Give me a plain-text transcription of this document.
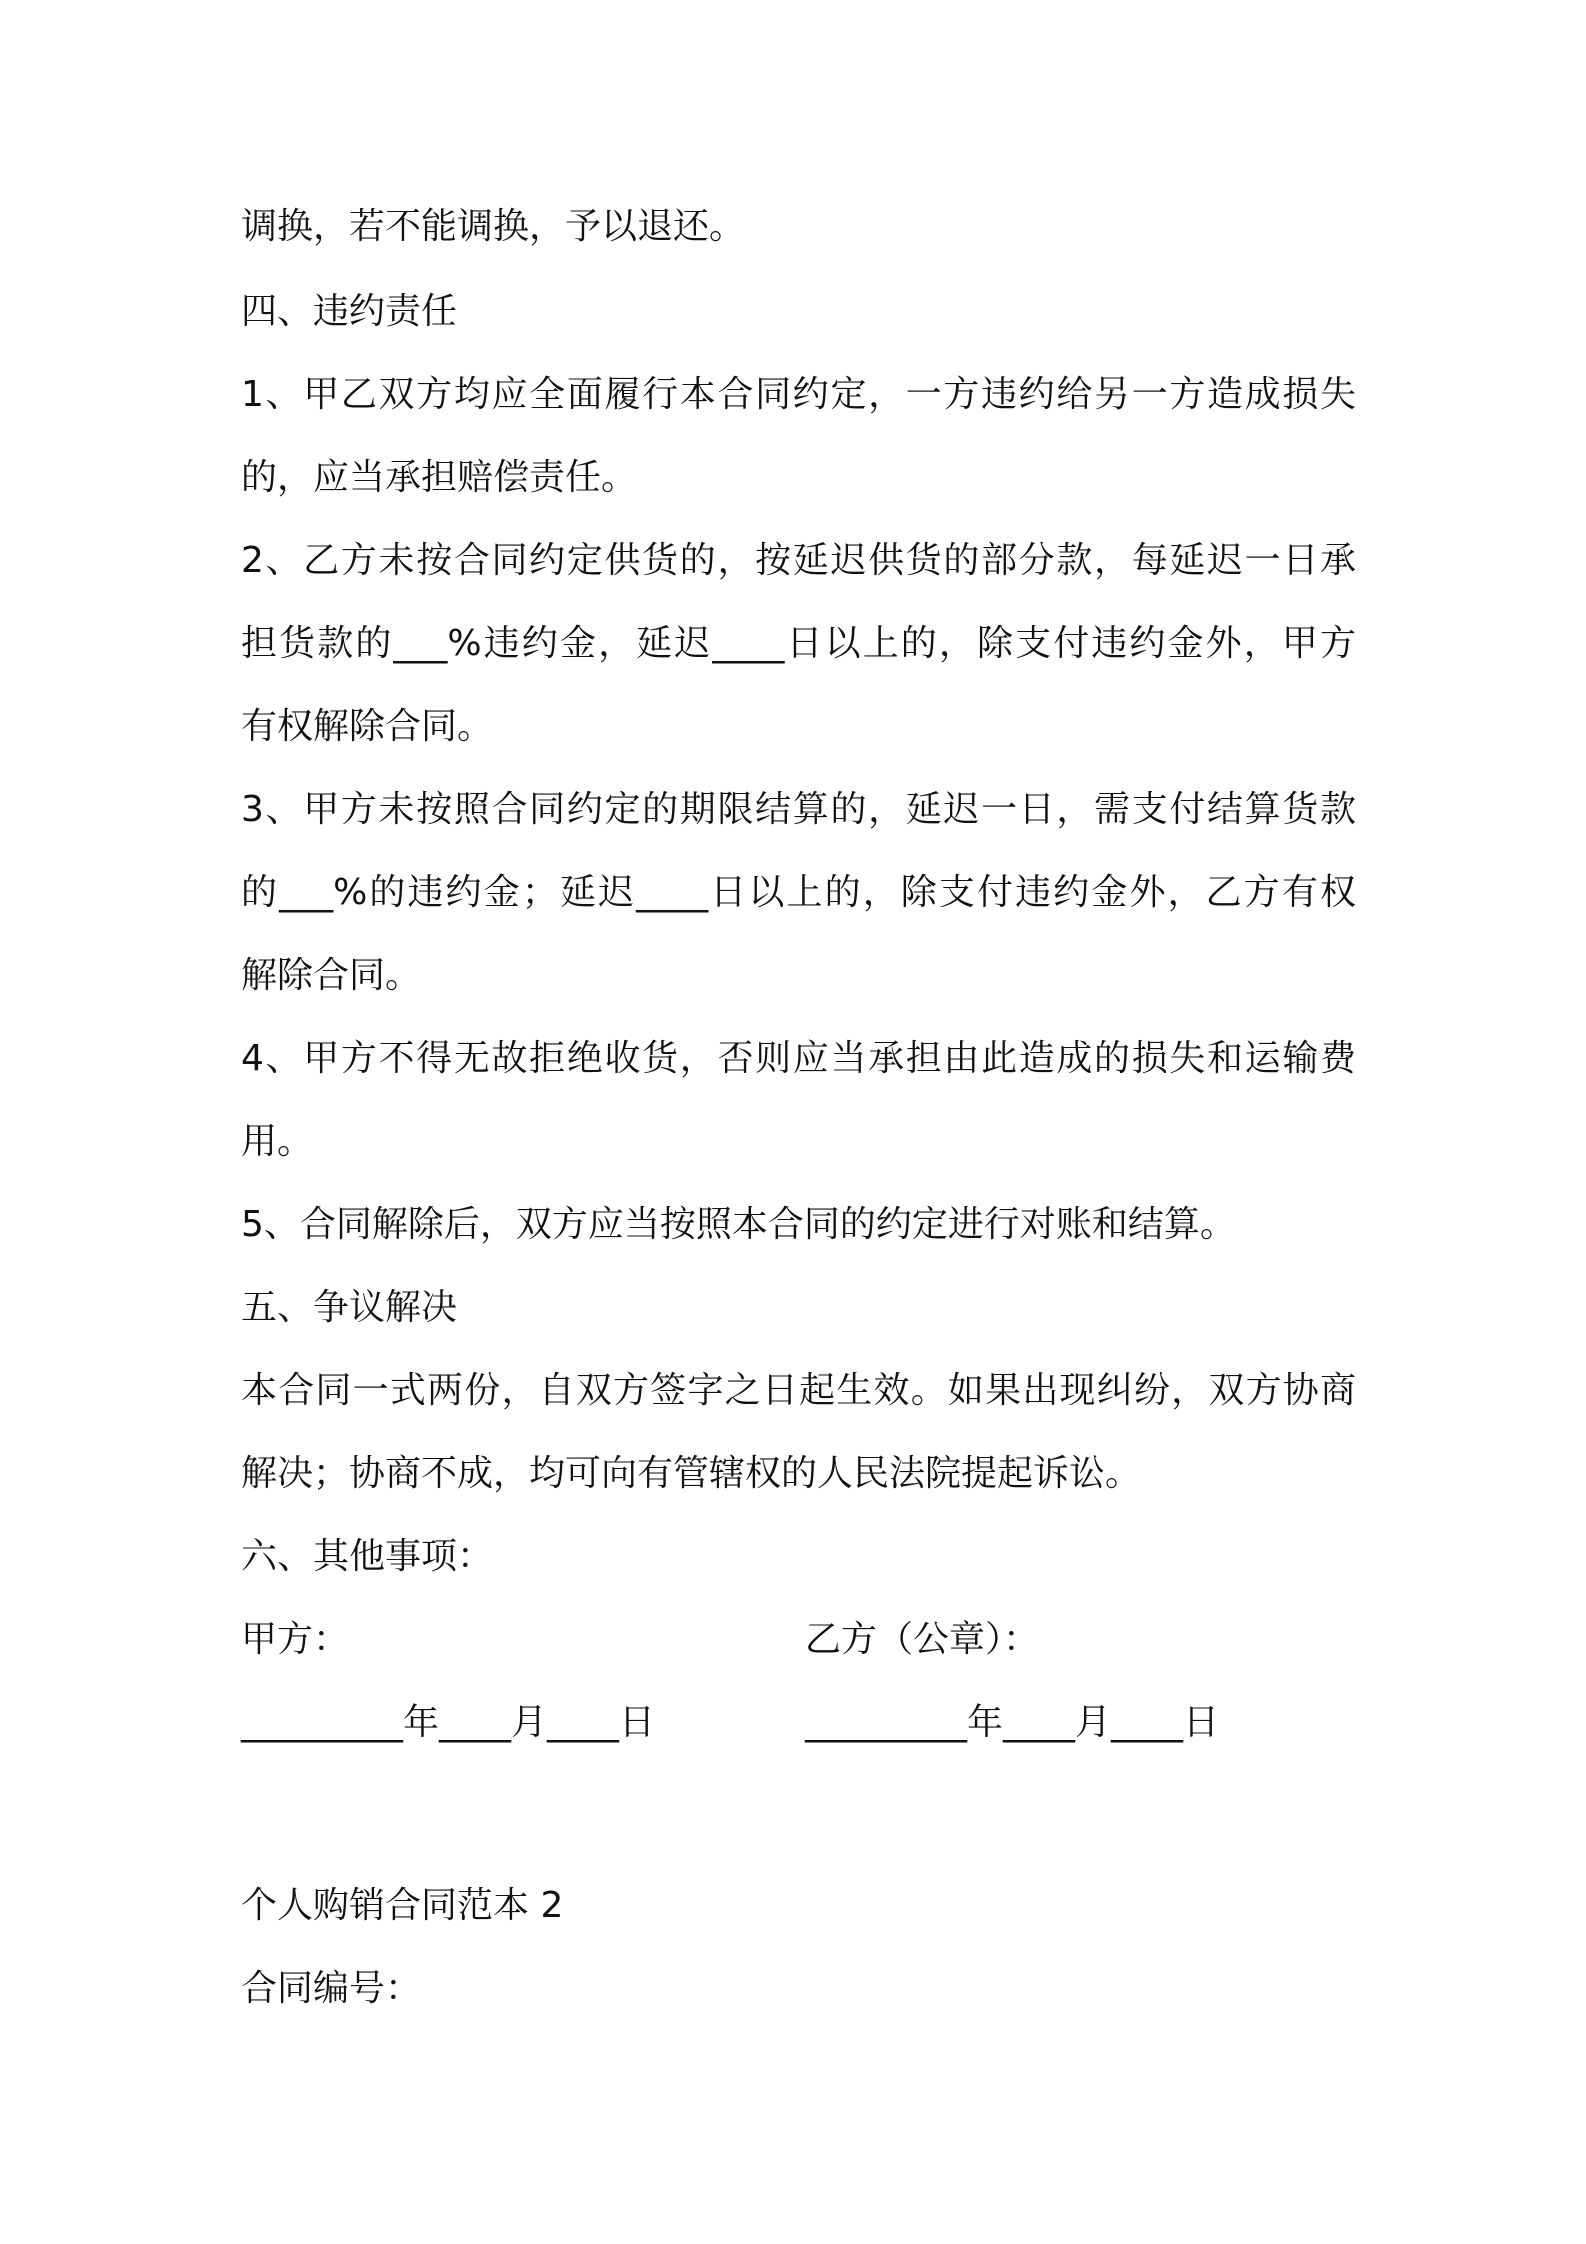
调换，若不能调换，予以退还。
四、违约责任
1、甲乙双方均应全面履行本合同约定，一方违约给另一方造成损失
的，应当承担赔偿责任。
2、乙方未按合同约定供货的，按延迟供货的部分款，每延迟一日承
担货款的___%违约金，延迟____日以上的，除支付违约金外，甲方
有权解除合同。
3、甲方未按照合同约定的期限结算的，延迟一日，需支付结算货款
的___%的违约金；延迟____日以上的，除支付违约金外，乙方有权
解除合同。
4、甲方不得无故拒绝收货，否则应当承担由此造成的损失和运输费
用。
5、合同解除后，双方应当按照本合同的约定进行对账和结算。
五、争议解决
本合同一式两份，自双方签字之日起生效。如果出现纠纷，双方协商
解决；协商不成，均可向有管辖权的人民法院提起诉讼。
六、其他事项：
甲方：	乙方（公章）：
_________年____月____日	_________年____月____日
个人购销合同范本 2
合同编号：
